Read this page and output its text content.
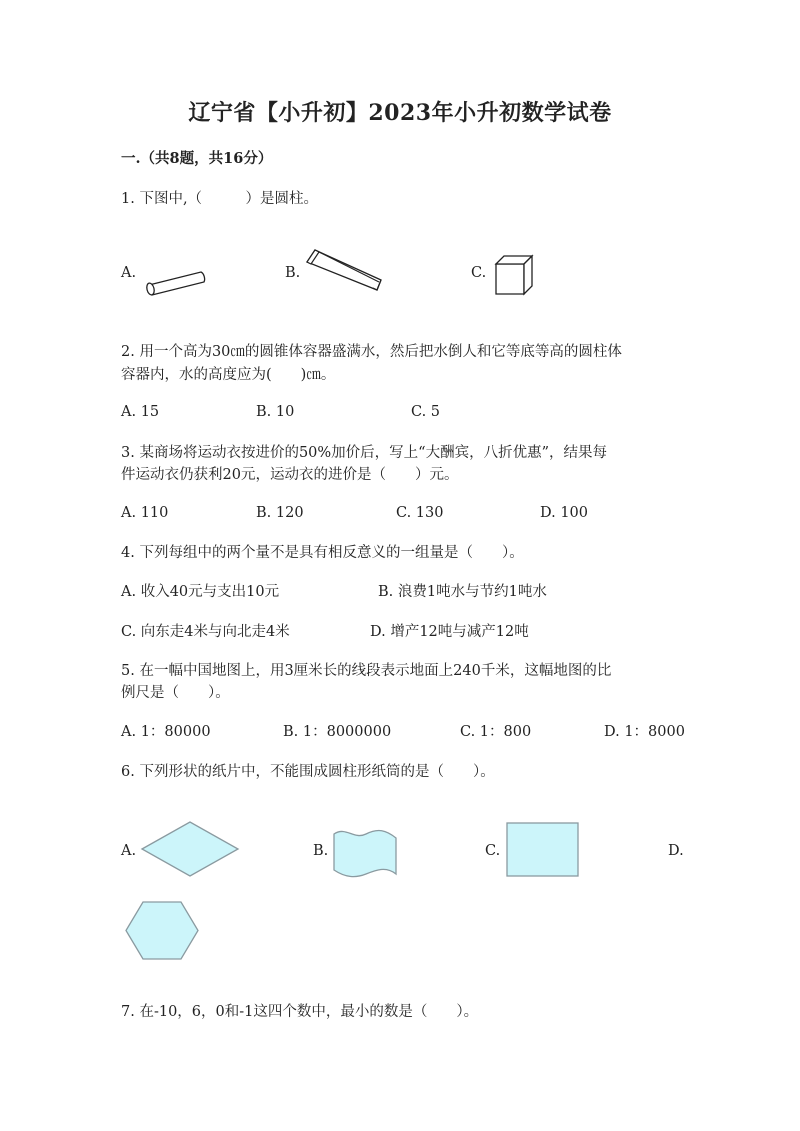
辽宁省【小升初】2023年小升初数学试卷
一.（共8题，共16分）
1. 下图中,（　　　）是圆柱。
A.	B.	C.
2. 用一个高为30㎝的圆锥体容器盛满水，然后把水倒人和它等底等高的圆柱体
容器内，水的高度应为(　　)㎝。
A. 15	B. 10	C. 5
3. 某商场将运动衣按进价的50%加价后，写上“大酬宾，八折优惠”，结果每
件运动衣仍获利20元，运动衣的进价是（　　）元。
A. 110	B. 120	C. 130	D. 100
4. 下列每组中的两个量不是具有相反意义的一组量是（　　）。
A. 收入40元与支出10元	B. 浪费1吨水与节约1吨水
C. 向东走4米与向北走4米	D. 增产12吨与减产12吨
5. 在一幅中国地图上，用3厘米长的线段表示地面上240千米，这幅地图的比
例尺是（　　）。
A. 1：80000	B. 1：8000000	C. 1：800	D. 1：8000
6. 下列形状的纸片中，不能围成圆柱形纸筒的是（　　）。
A.	B.	C.	D.
7. 在-10，6，0和-1这四个数中，最小的数是（　　）。
